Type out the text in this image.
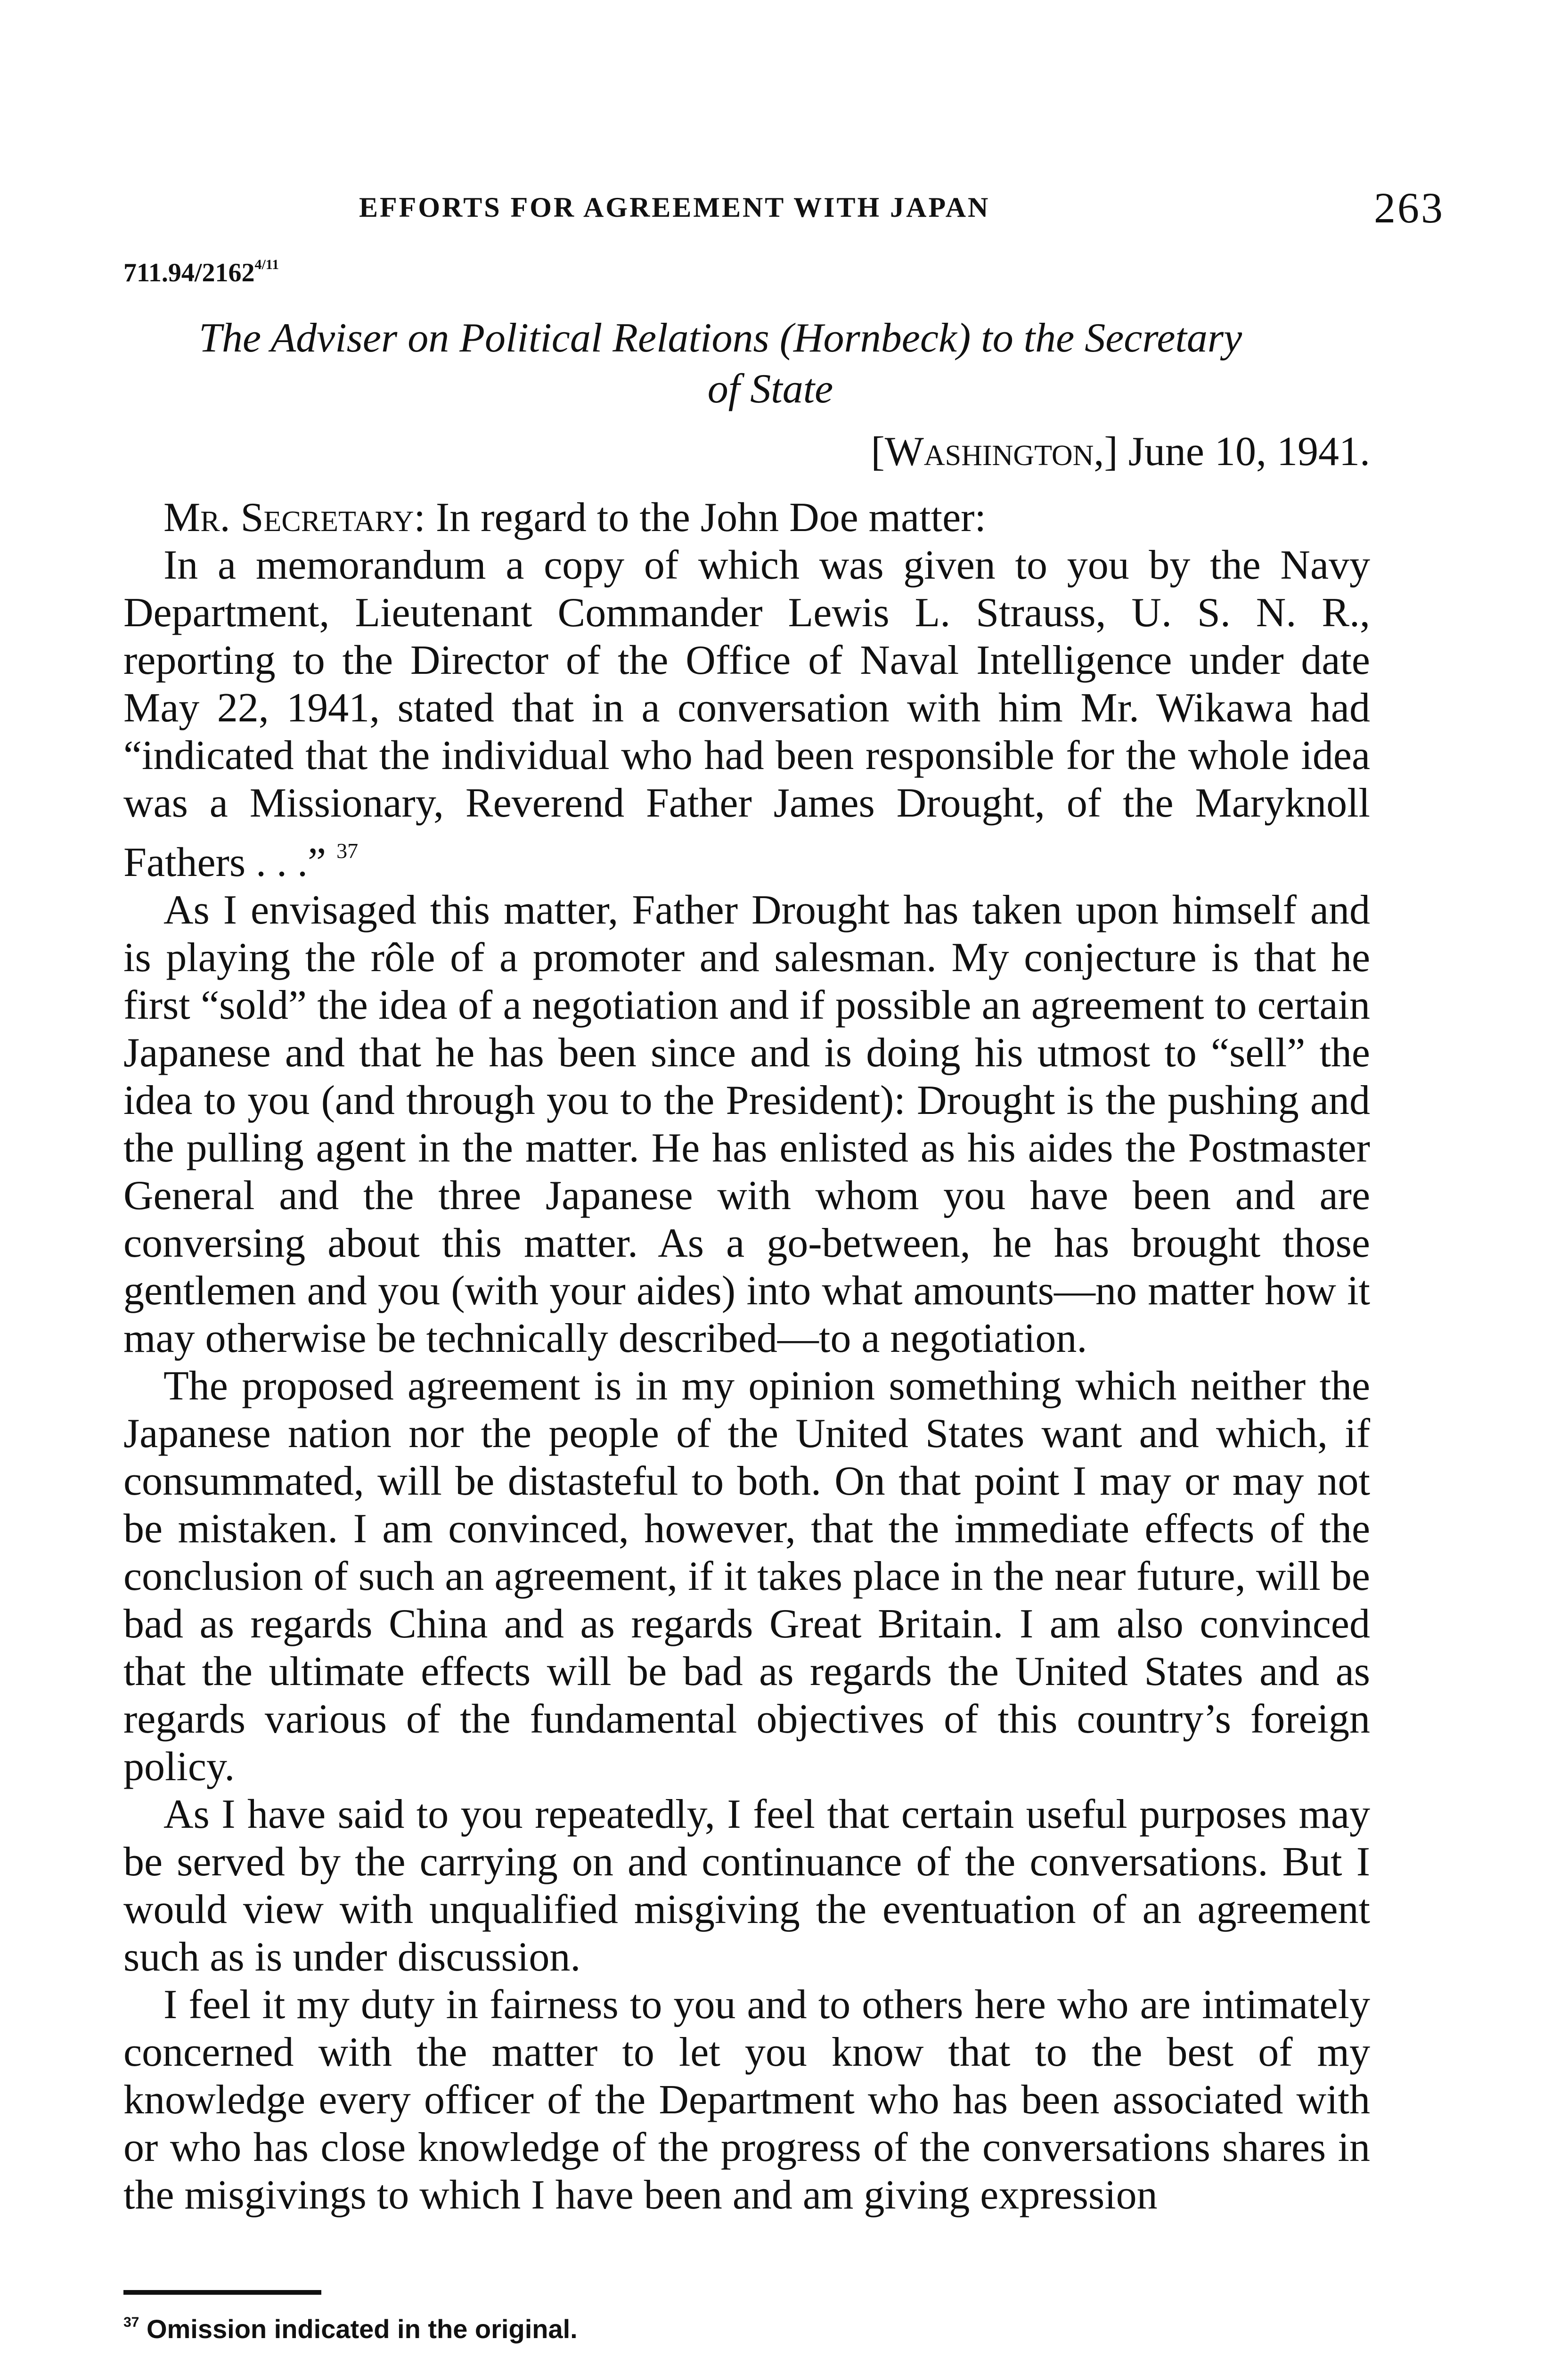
EFFORTS FOR AGREEMENT WITH JAPAN	263
$711.94/2162^{4/11}$
The Adviser on Political Relations (Hornbeck) to the Secretary
of State
[Washington,] June 10, 1941.

Mr. Secretary: In regard to the John Doe matter:

In a memorandum a copy of which was given to you by the Navy Department, Lieutenant Commander Lewis L. Strauss, U. S. N. R., reporting to the Director of the Office of Naval Intelligence under date May 22, 1941, stated that in a conversation with him Mr. Wikawa had “indicated that the individual who had been responsible for the whole idea was a Missionary, Reverend Father James Drought, of the Maryknoll Fathers . . .” $^{37}$

As I envisaged this matter, Father Drought has taken upon himself and is playing the rôle of a promoter and salesman. My conjecture is that he first “sold” the idea of a negotiation and if possible an agreement to certain Japanese and that he has been since and is doing his utmost to “sell” the idea to you (and through you to the President): Drought is the pushing and the pulling agent in the matter. He has enlisted as his aides the Postmaster General and the three Japanese with whom you have been and are conversing about this matter. As a go-between, he has brought those gentlemen and you (with your aides) into what amounts—no matter how it may otherwise be technically described—to a negotiation.

The proposed agreement is in my opinion something which neither the Japanese nation nor the people of the United States want and which, if consummated, will be distasteful to both. On that point I may or may not be mistaken. I am convinced, however, that the immediate effects of the conclusion of such an agreement, if it takes place in the near future, will be bad as regards China and as regards Great Britain. I am also convinced that the ultimate effects will be bad as regards the United States and as regards various of the fundamental objectives of this country’s foreign policy.

As I have said to you repeatedly, I feel that certain useful purposes may be served by the carrying on and continuance of the conversations. But I would view with unqualified misgiving the eventuation of an agreement such as is under discussion.

I feel it my duty in fairness to you and to others here who are intimately concerned with the matter to let you know that to the best of my knowledge every officer of the Department who has been associated with or who has close knowledge of the progress of the conversations shares in the misgivings to which I have been and am giving expression

$^{37}$ Omission indicated in the original.
